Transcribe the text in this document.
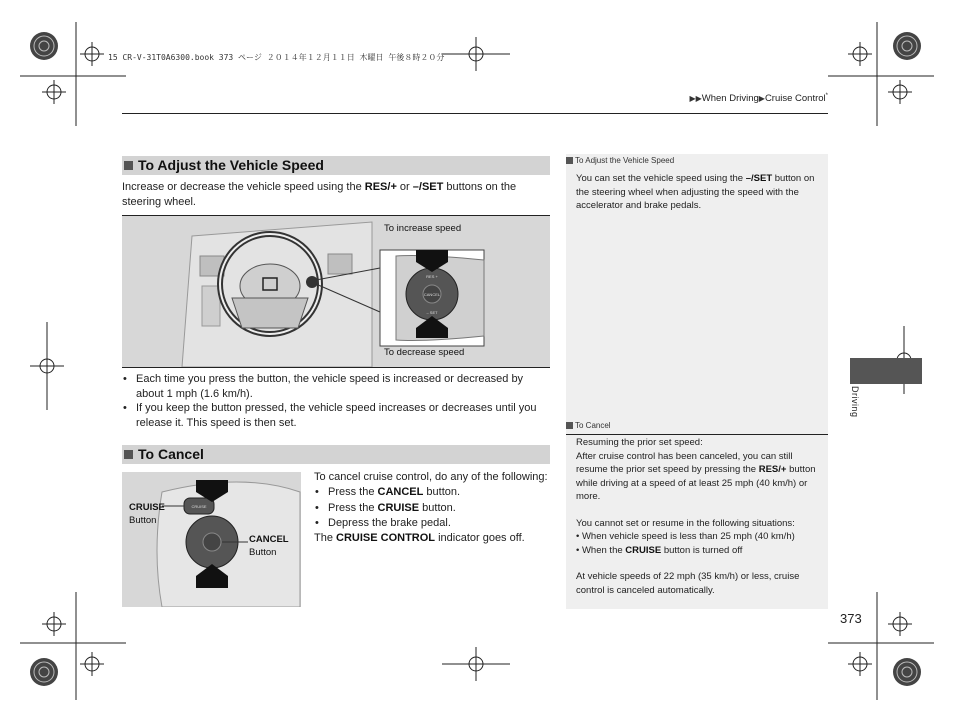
15 CR-V-31T0A6300.book 373 ページ ２０１４年１２月１１日 木曜日 午後８時２０分
▶▶When Driving▶Cruise Control*
To Adjust the Vehicle Speed
Increase or decrease the vehicle speed using the RES/+ or –/SET buttons on the steering wheel.
CANCEL
RES +
– SET
To increase speed
To decrease speed
• Each time you press the button, the vehicle speed is increased or decreased by about 1 mph (1.6 km/h).
• If you keep the button pressed, the vehicle speed increases or decreases until you release it. This speed is then set.
To Cancel
CRUISE
CRUISE
Button
CANCEL
Button
To cancel cruise control, do any of the following:
• Press the CANCEL button.
• Press the CRUISE button.
• Depress the brake pedal.
The CRUISE CONTROL indicator goes off.
To Adjust the Vehicle Speed
You can set the vehicle speed using the –/SET button on the steering wheel when adjusting the speed with the accelerator and brake pedals.
To Cancel
Resuming the prior set speed:
After cruise control has been canceled, you can still resume the prior set speed by pressing the RES/+ button while driving at a speed of at least 25 mph (40 km/h) or more.
You cannot set or resume in the following situations:
• When vehicle speed is less than 25 mph (40 km/h)
• When the CRUISE button is turned off
At vehicle speeds of 22 mph (35 km/h) or less, cruise control is canceled automatically.
Driving
373
